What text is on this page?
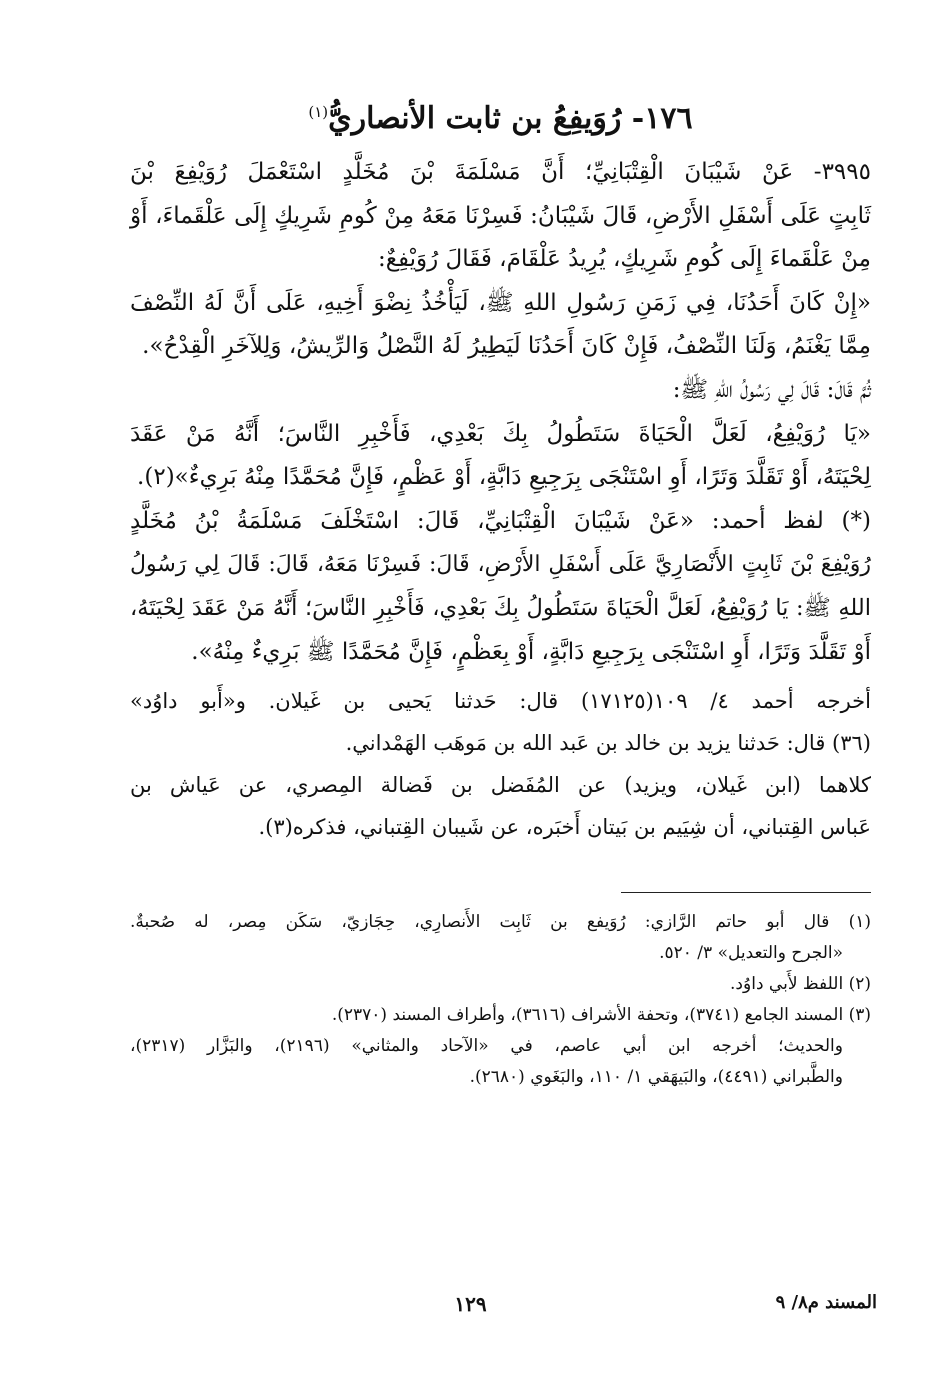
١٧٦- رُوَيفِعُ بن ثابت الأنصاريُّ$^{(١)}$
٣٩٩٥- عَنْ شَيْبَانَ الْقِتْبَانِيِّ؛ أَنَّ مَسْلَمَةَ بْنَ مُخَلَّدٍ اسْتَعْمَلَ رُوَيْفِعَ بْنَ
ثَابِتٍ عَلَى أَسْفَلِ الأَرْضِ، قَالَ شَيْبَانُ: فَسِرْنَا مَعَهُ مِنْ كُومِ شَرِيكٍ إِلَى عَلْقَماءَ، أَوْ
مِنْ عَلْقَماءَ إِلَى كُومِ شَرِيكٍ، يُرِيدُ عَلْقَامَ، فَقَالَ رُوَيْفِعٌ:
«إِنْ كَانَ أَحَدُنَا، فِي زَمَنِ رَسُولِ اللهِ ﷺ، لَيَأْخُذُ نِضْوَ أَخِيهِ، عَلَى أَنَّ لَهُ النِّصْفَ
مِمَّا يَغْنَمُ، وَلَنَا النِّصْفُ، فَإِنْ كَانَ أَحَدُنَا لَيَطِيرُ لَهُ النَّصْلُ وَالرِّيشُ، وَلِلآخَرِ الْقِدْحُ».
ثُمَّ قَالَ: قَالَ لِي رَسُولُ اللهِ ﷺ:
«يَا رُوَيْفِعُ، لَعَلَّ الْحَيَاةَ سَتَطُولُ بِكَ بَعْدِي، فَأَخْبِرِ النَّاسَ؛ أَنَّهُ مَنْ عَقَدَ
لِحْيَتَهُ، أَوْ تَقَلَّدَ وَتَرًا، أَوِ اسْتَنْجَى بِرَجِيعِ دَابَّةٍ، أَوْ عَظْمٍ، فَإِنَّ مُحَمَّدًا مِنْهُ بَرِيءٌ»(٢).
(*) لفظ أحمد: «عَنْ شَيْبَانَ الْقِتْبَانِيِّ، قَالَ: اسْتَخْلَفَ مَسْلَمَةُ بْنُ مُخَلَّدٍ
رُوَيْفِعَ بْنَ ثَابِتٍ الأَنْصَارِيَّ عَلَى أَسْفَلِ الأَرْضِ، قَالَ: فَسِرْنَا مَعَهُ، قَالَ: قَالَ لِي رَسُولُ
اللهِ ﷺ: يَا رُوَيْفِعُ، لَعَلَّ الْحَيَاةَ سَتَطُولُ بِكَ بَعْدِي، فَأَخْبِرِ النَّاسَ؛ أَنَّهُ مَنْ عَقَدَ لِحْيَتَهُ،
أَوْ تَقَلَّدَ وَتَرًا، أَوِ اسْتَنْجَى بِرَجِيعِ دَابَّةٍ، أَوْ بِعَظْمٍ، فَإِنَّ مُحَمَّدًا ﷺ بَرِيءٌ مِنْهُ».
أخرجه أحمد ٤/ ١٠٩(١٧١٢٥) قال: حَدثنا يَحيى بن غَيلان. و«أَبو داوُد»
(٣٦) قال: حَدثنا يزيد بن خالد بن عَبد الله بن مَوهَب الهَمْداني.
كلاهما (ابن غَيلان، ويزيد) عن المُفَضل بن فَضالة المِصري، عن عَياش بن
عَباس القِتباني، أن شِيَيم بن بَيتان أَخبَره، عن شَيبان القِتباني، فذكره(٣).
(١) قال أبو حاتم الرَّازي: رُوَيفع بن ثَابِت الأَنصارِي، حِجَازيّ، سَكَن مِصر، له صُحبةٌ.
«الجرح والتعديل» ٣/ ٥٢٠.
(٢) اللفظ لأَبي داوُد.
(٣) المسند الجامع (٣٧٤١)، وتحفة الأشراف (٣٦١٦)، وأطراف المسند (٢٣٧٠).
والحديث؛ أخرجه ابن أبي عاصم، في «الآحاد والمثاني» (٢١٩٦)، والبَزَّار (٢٣١٧)،
والطَّبراني (٤٤٩١)، والبَيهَقي ١/ ١١٠، والبَغَوي (٢٦٨٠).
المسند م٨/ ٩
١٢٩
